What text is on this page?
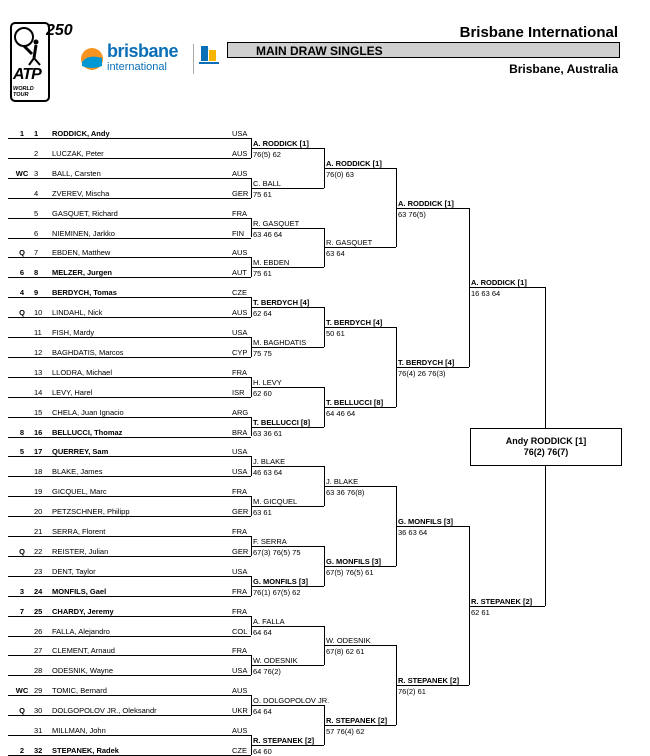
ATP
WORLD TOUR
250
brisbane
international
Brisbane International
MAIN DRAW SINGLES
Brisbane, Australia
Andy RODDICK [1]
76(2) 76(7)
1	1 RODDICK, Andy	USA
2 LUCZAK, Peter	AUS
WC 3 BALL, Carsten	AUS
4 ZVEREV, Mischa	GER
5 GASQUET, Richard	FRA
6 NIEMINEN, Jarkko	FIN
Q	7 EBDEN, Matthew	AUS
6	8 MELZER, Jurgen	AUT
4	9 BERDYCH, Tomas	CZE
Q	10 LINDAHL, Nick	AUS
11 FISH, Mardy	USA
12 BAGHDATIS, Marcos	CYP
13 LLODRA, Michael	FRA
14 LEVY, Harel	ISR
15 CHELA, Juan Ignacio	ARG
8	16 BELLUCCI, Thomaz	BRA
5	17 QUERREY, Sam	USA
18 BLAKE, James	USA
19 GICQUEL, Marc	FRA
20 PETZSCHNER, Philipp	GER
21 SERRA, Florent	FRA
Q	22 REISTER, Julian	GER
23 DENT, Taylor	USA
3	24 MONFILS, Gael	FRA
7	25 CHARDY, Jeremy	FRA
26 FALLA, Alejandro	COL
27 CLEMENT, Arnaud	FRA
28 ODESNIK, Wayne	USA
WC 29 TOMIC, Bernard	AUS
Q	30 DOLGOPOLOV JR., Oleksandr	UKR
31 MILLMAN, John	AUS
2	32 STEPANEK, Radek	CZE
A. RODDICK [1]
76(5) 62
C. BALL
75 61
R. GASQUET
63 46 64
M. EBDEN
75 61
T. BERDYCH [4]
62 64
M. BAGHDATIS
75 75
H. LEVY
62 60
T. BELLUCCI [8]
63 36 61
J. BLAKE
46 63 64
M. GICQUEL
63 61
F. SERRA
67(3) 76(5) 75
G. MONFILS [3]
76(1) 67(5) 62
A. FALLA
64 64
W. ODESNIK
64 76(2)
O. DOLGOPOLOV JR.
64 64
R. STEPANEK [2]
64 60
A. RODDICK [1]
76(0) 63
R. GASQUET
63 64
T. BERDYCH [4]
50 61
T. BELLUCCI [8]
64 46 64
J. BLAKE
63 36 76(8)
G. MONFILS [3]
67(5) 76(5) 61
W. ODESNIK
67(8) 62 61
R. STEPANEK [2]
57 76(4) 62
A. RODDICK [1]
63 76(5)
T. BERDYCH [4]
76(4) 26 76(3)
G. MONFILS [3]
36 63 64
R. STEPANEK [2]
76(2) 61
A. RODDICK [1]
16 63 64
R. STEPANEK [2]
62 61
